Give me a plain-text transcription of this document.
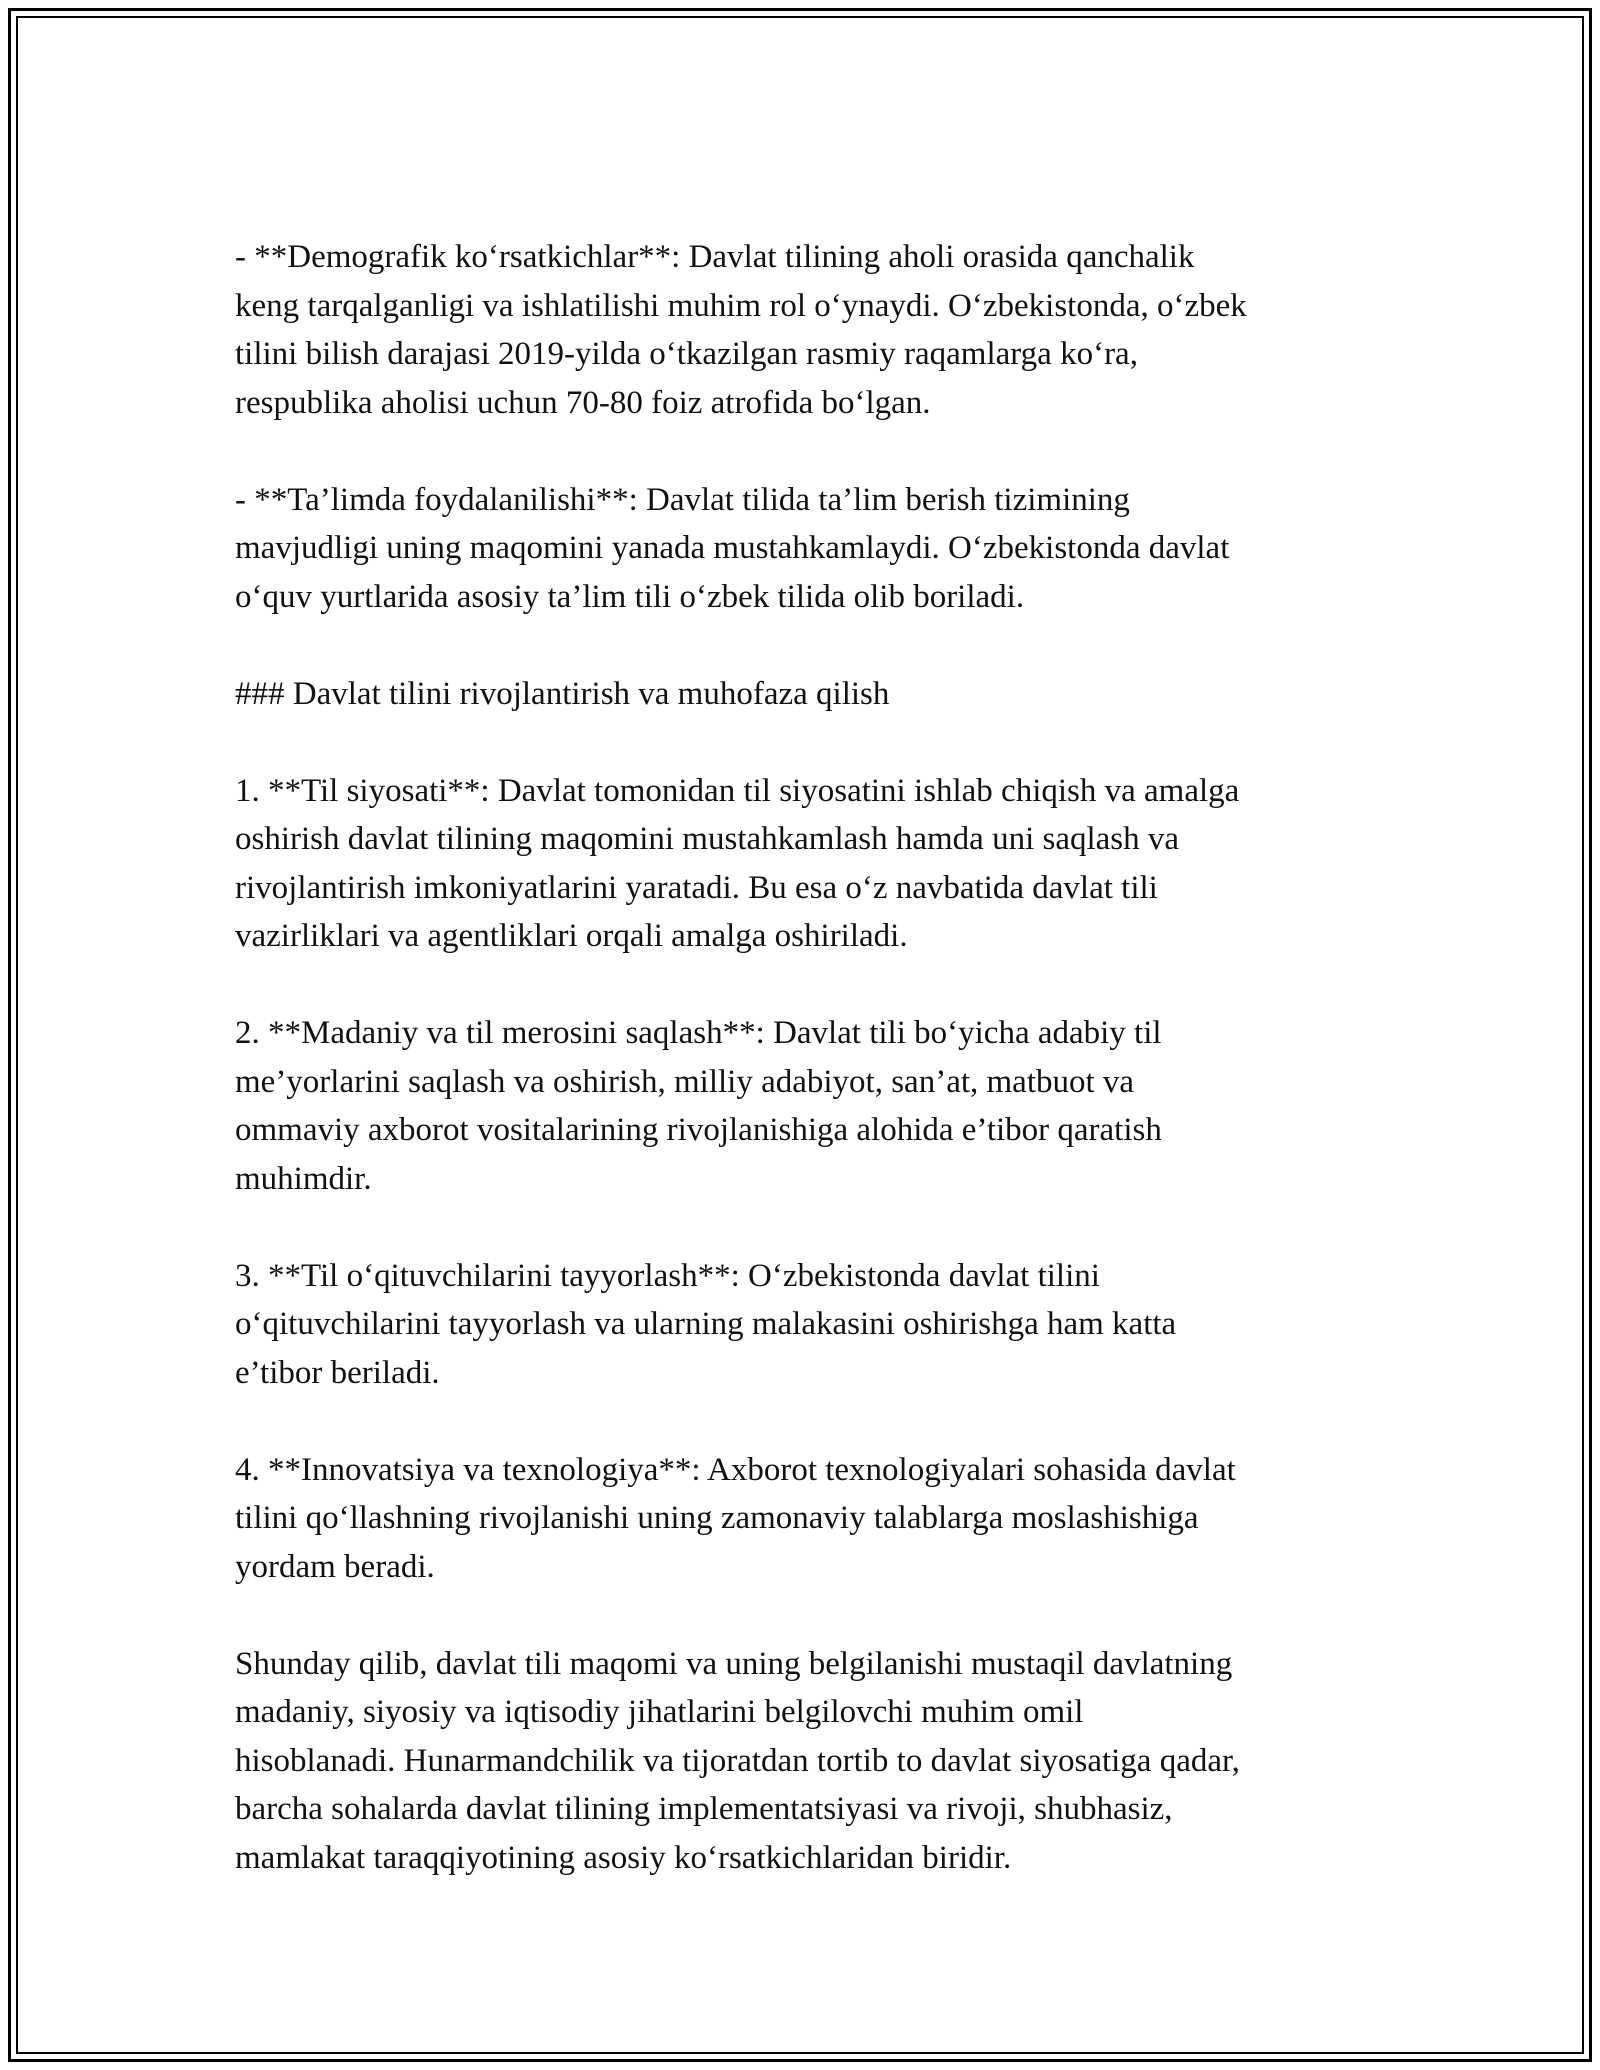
- **Demografik ko‘rsatkichlar**: Davlat tilining aholi orasida qanchalik
keng tarqalganligi va ishlatilishi muhim rol o‘ynaydi. O‘zbekistonda, o‘zbek
tilini bilish darajasi 2019-yilda o‘tkazilgan rasmiy raqamlarga ko‘ra,
respublika aholisi uchun 70-80 foiz atrofida bo‘lgan.

- **Ta’limda foydalanilishi**: Davlat tilida ta’lim berish tizimining
mavjudligi uning maqomini yanada mustahkamlaydi. O‘zbekistonda davlat
o‘quv yurtlarida asosiy ta’lim tili o‘zbek tilida olib boriladi.

### Davlat tilini rivojlantirish va muhofaza qilish

1. **Til siyosati**: Davlat tomonidan til siyosatini ishlab chiqish va amalga
oshirish davlat tilining maqomini mustahkamlash hamda uni saqlash va
rivojlantirish imkoniyatlarini yaratadi. Bu esa o‘z navbatida davlat tili
vazirliklari va agentliklari orqali amalga oshiriladi.

2. **Madaniy va til merosini saqlash**: Davlat tili bo‘yicha adabiy til
me’yorlarini saqlash va oshirish, milliy adabiyot, san’at, matbuot va
ommaviy axborot vositalarining rivojlanishiga alohida e’tibor qaratish
muhimdir.

3. **Til o‘qituvchilarini tayyorlash**: O‘zbekistonda davlat tilini
o‘qituvchilarini tayyorlash va ularning malakasini oshirishga ham katta
e’tibor beriladi.

4. **Innovatsiya va texnologiya**: Axborot texnologiyalari sohasida davlat
tilini qo‘llashning rivojlanishi uning zamonaviy talablarga moslashishiga
yordam beradi.

Shunday qilib, davlat tili maqomi va uning belgilanishi mustaqil davlatning
madaniy, siyosiy va iqtisodiy jihatlarini belgilovchi muhim omil
hisoblanadi. Hunarmandchilik va tijoratdan tortib to davlat siyosatiga qadar,
barcha sohalarda davlat tilining implementatsiyasi va rivoji, shubhasiz,
mamlakat taraqqiyotining asosiy ko‘rsatkichlaridan biridir.
